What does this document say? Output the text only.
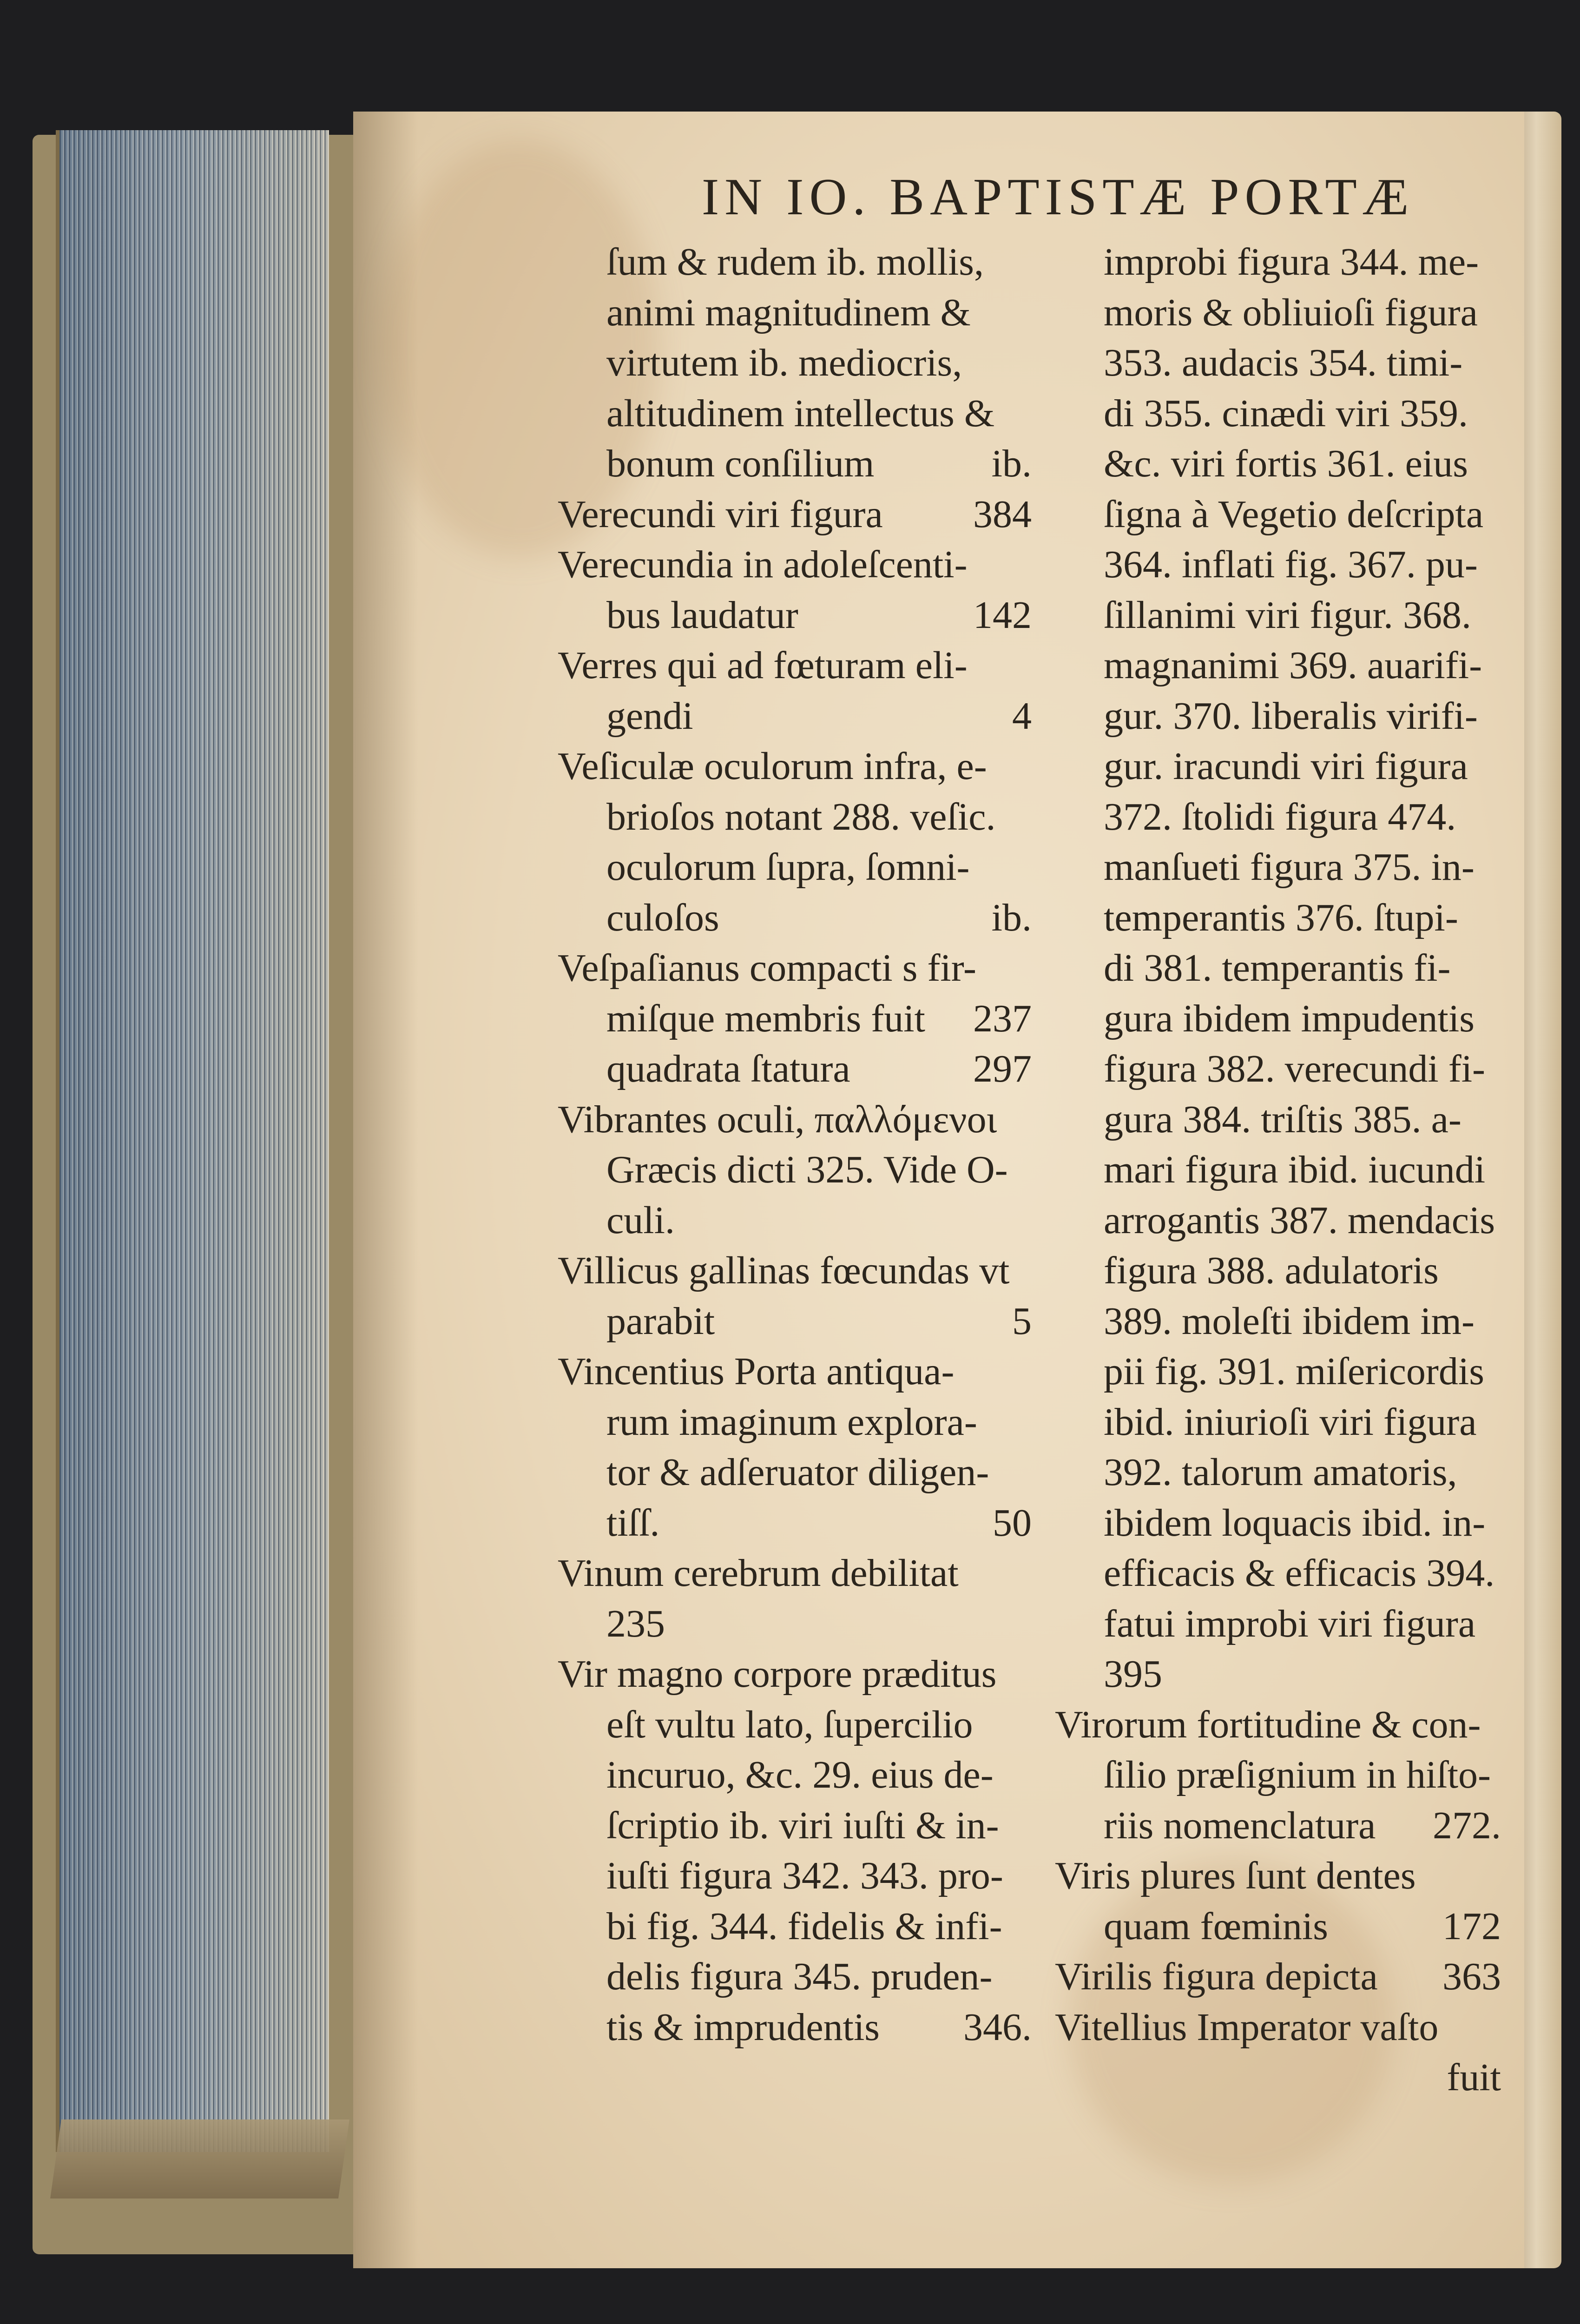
IN IO. BAPTISTÆ PORTÆ
ſum & rudem ib. mollis,
animi magnitudinem &
virtutem ib. mediocris,
altitudinem intellectus &
bonum conſilium	ib.
Verecundi viri figura 384
Verecundia in adoleſcenti-
bus laudatur	142
Verres qui ad fœturam eli-
gendi	4
Veſiculæ oculorum infra, e-
brioſos notant 288. veſic.
oculorum ſupra, ſomni-
culoſos	ib.
Veſpaſianus compacti s fir-
miſque membris fuit 237
quadrata ſtatura	297
Vibrantes oculi, παλλόμενοι
Græcis dicti 325. Vide O-
culi.
Villicus gallinas fœcundas vt
parabit	5
Vincentius Porta antiqua-
rum imaginum explora-
tor & adſeruator diligen-
tiſſ.	50
Vinum cerebrum debilitat
235
Vir magno corpore præditus
eſt vultu lato, ſupercilio
incuruo, &c. 29. eius de-
ſcriptio ib. viri iuſti & in-
iuſti figura 342. 343. pro-
bi fig. 344. fidelis & infi-
delis figura 345. pruden-
tis & imprudentis 346.
improbi figura 344. me-
moris & obliuioſi figura
353. audacis 354. timi-
di 355. cinædi viri 359.
&c. viri fortis 361. eius
ſigna à Vegetio deſcripta
364. inflati fig. 367. pu-
ſillanimi viri figur. 368.
magnanimi 369. auarifi-
gur. 370. liberalis virifi-
gur. iracundi viri figura
372. ſtolidi figura 474.
manſueti figura 375. in-
temperantis 376. ſtupi-
di 381. temperantis fi-
gura ibidem impudentis
figura 382. verecundi fi-
gura 384. triſtis 385. a-
mari figura ibid. iucundi
arrogantis 387. mendacis
figura 388. adulatoris
389. moleſti ibidem im-
pii fig. 391. miſericordis
ibid. iniurioſi viri figura
392. talorum amatoris,
ibidem loquacis ibid. in-
efficacis & efficacis 394.
fatui improbi viri figura
395
Virorum fortitudine & con-
ſilio præſignium in hiſto-
riis nomenclatura 272.
Viris plures ſunt dentes
quam fœminis	172
Virilis figura depicta 363
Vitellius Imperator vaſto
fuit
